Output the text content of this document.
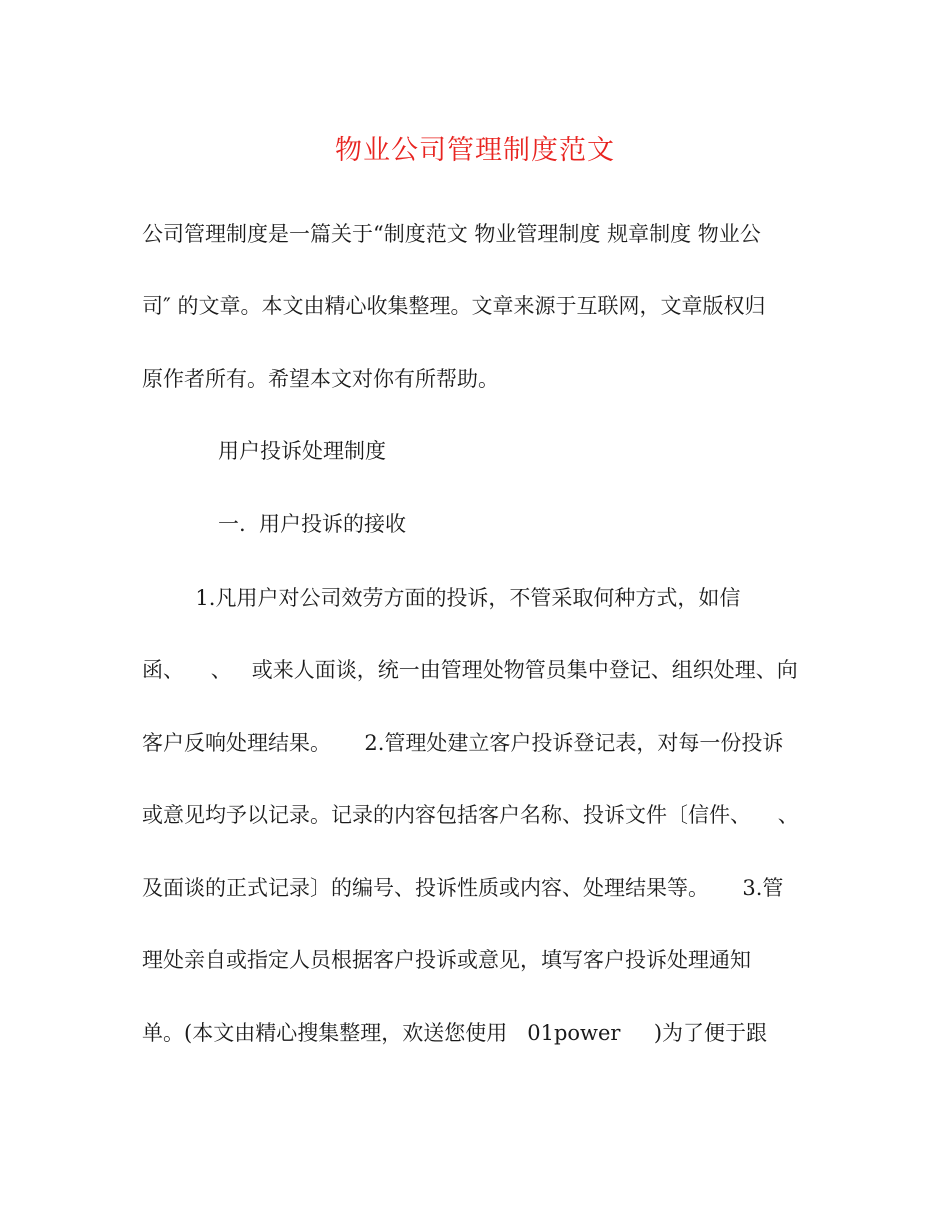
物业公司管理制度范文
公司管理制度是一篇关于“制度范文 物业管理制度 规章制度 物业公
司″ 的文章。本文由精心收集整理。文章来源于互联网，文章版权归
原作者所有。希望本文对你有所帮助。
用户投诉处理制度
一.  用户投诉的接收
1.凡用户对公司效劳方面的投诉，不管采取何种方式，如信
函、    、   或来人面谈，统一由管理处物管员集中登记、组织处理、向
客户反响处理结果。     2.管理处建立客户投诉登记表，对每一份投诉
或意见均予以记录。记录的内容包括客户名称、投诉文件〔信件、    、
及面谈的正式记录〕的编号、投诉性质或内容、处理结果等。     3.管
理处亲自或指定人员根据客户投诉或意见，填写客户投诉处理通知
单。(本文由精心搜集整理，欢送您使用   01power     )为了便于跟
